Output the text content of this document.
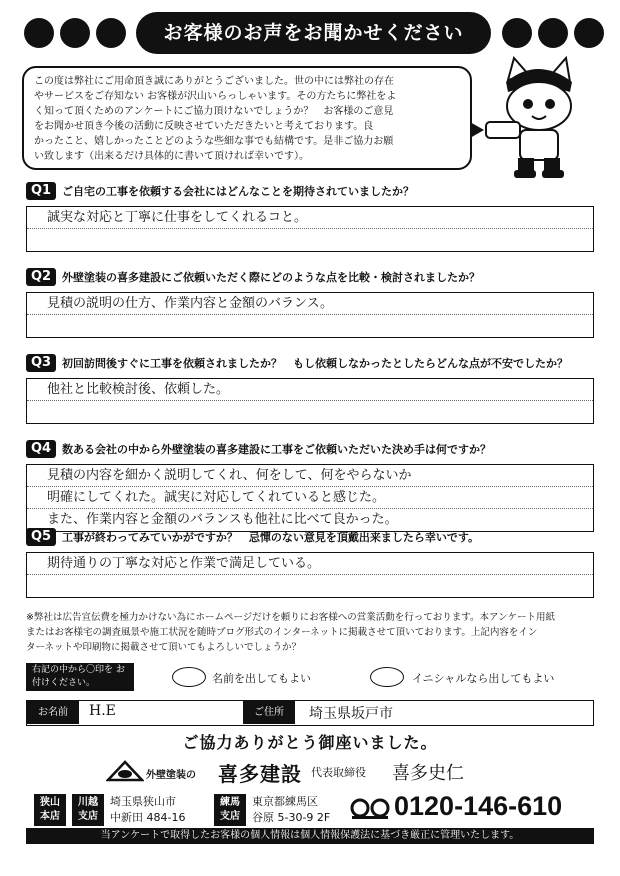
お客様のお声をお聞かせください
この度は弊社にご用命頂き誠にありがとうございました。世の中には弊社の存在
やサービスをご存知ない お客様が沢山いらっしゃいます。その方たちに弊社をよ
く知って頂くためのアンケートにご協力頂けないでしょうか？　お客様のご意見
をお聞かせ頂き今後の活動に反映させていただきたいと考えております。良
かったこと、嬉しかったことどのような些細な事でも結構です。是非ご協力お願
い致します（出来るだけ具体的に書いて頂ければ幸いです）。
Q1 ご自宅の工事を依頼する会社にはどんなことを期待されていましたか？
誠実な対応と丁寧に仕事をしてくれるコと。
Q2 外壁塗装の喜多建設にご依頼いただく際にどのような点を比較・検討されましたか？
見積の説明の仕方、作業内容と金額のバランス。
Q3 初回訪問後すぐに工事を依頼されましたか？　もし依頼しなかったとしたらどんな点が不安でしたか？
他社と比較検討後、依頼した。
Q4 数ある会社の中から外壁塗装の喜多建設に工事をご依頼いただいた決め手は何ですか？
見積の内容を細かく説明してくれ、何をして、何をやらないか
明確にしてくれた。誠実に対応してくれていると感じた。
また、作業内容と金額のバランスも他社に比べて良かった。
Q5 工事が終わってみていかがですか？　忌憚のない意見を頂戴出来ましたら幸いです。
期待通りの丁寧な対応と作業で満足している。
※弊社は広告宣伝費を極力かけない為にホームページだけを頼りにお客様への営業活動を行っております。本アンケート用紙
またはお客様宅の調査風景や施工状況を随時ブログ形式のインターネットに掲載させて頂いております。上記内容をイン
ターネットや印刷物に掲載させて頂いてもよろしいでしょうか？
右記の中から〇印を お付けください。	名前を出してもよい	イニシャルなら出してもよい
お名前	H.E	ご住所	埼玉県坂戸市
ご協力ありがとう御座いました。
外壁塗装の 喜多建設 代表取締役 喜多史仁
狭山
本店
川越
支店
埼玉県狭山市
中新田 484-16
練馬
支店
東京都練馬区
谷原 5-30-9 2F 0120-146-610
当アンケートで取得したお客様の個人情報は個人情報保護法に基づき厳正に管理いたします。
